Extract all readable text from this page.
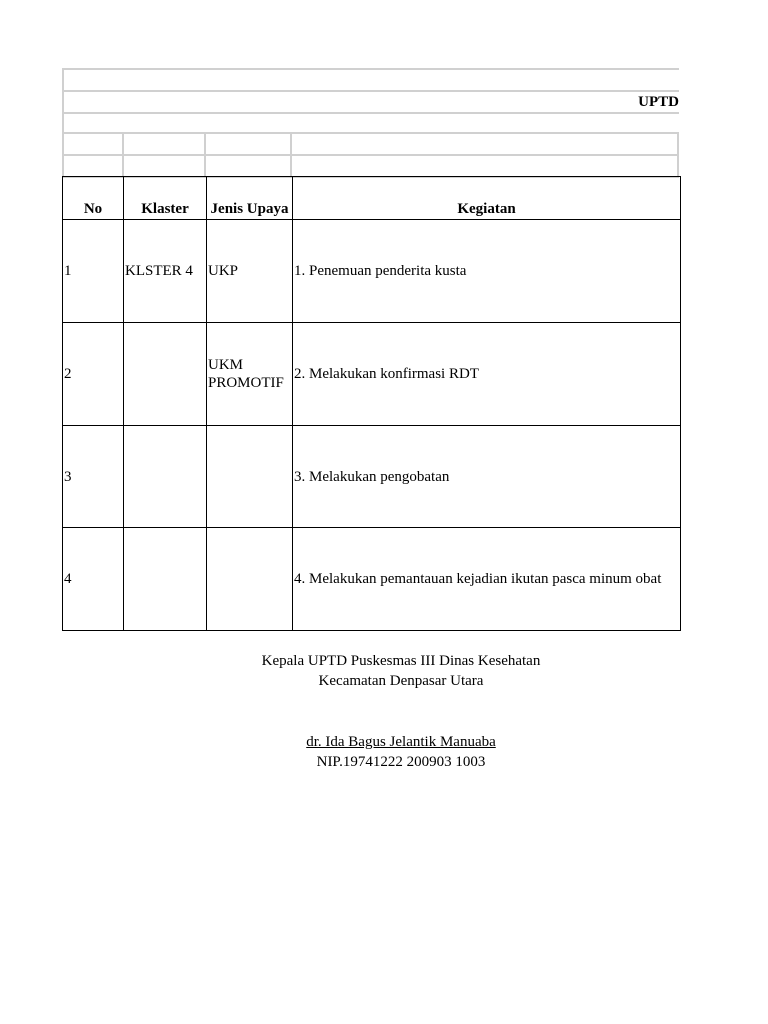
UPTD
No	Klaster	Jenis Upaya	Kegiatan

1	KLSTER 4	UKP	1. Penemuan penderita kusta
2		UKM PROMOTIF	2. Melakukan konfirmasi RDT
3			3. Melakukan pengobatan
4			4. Melakukan pemantauan kejadian ikutan pasca minum obat
Kepala UPTD Puskesmas III Dinas Kesehatan
Kecamatan Denpasar Utara
dr. Ida Bagus Jelantik Manuaba
NIP.19741222 200903 1003
